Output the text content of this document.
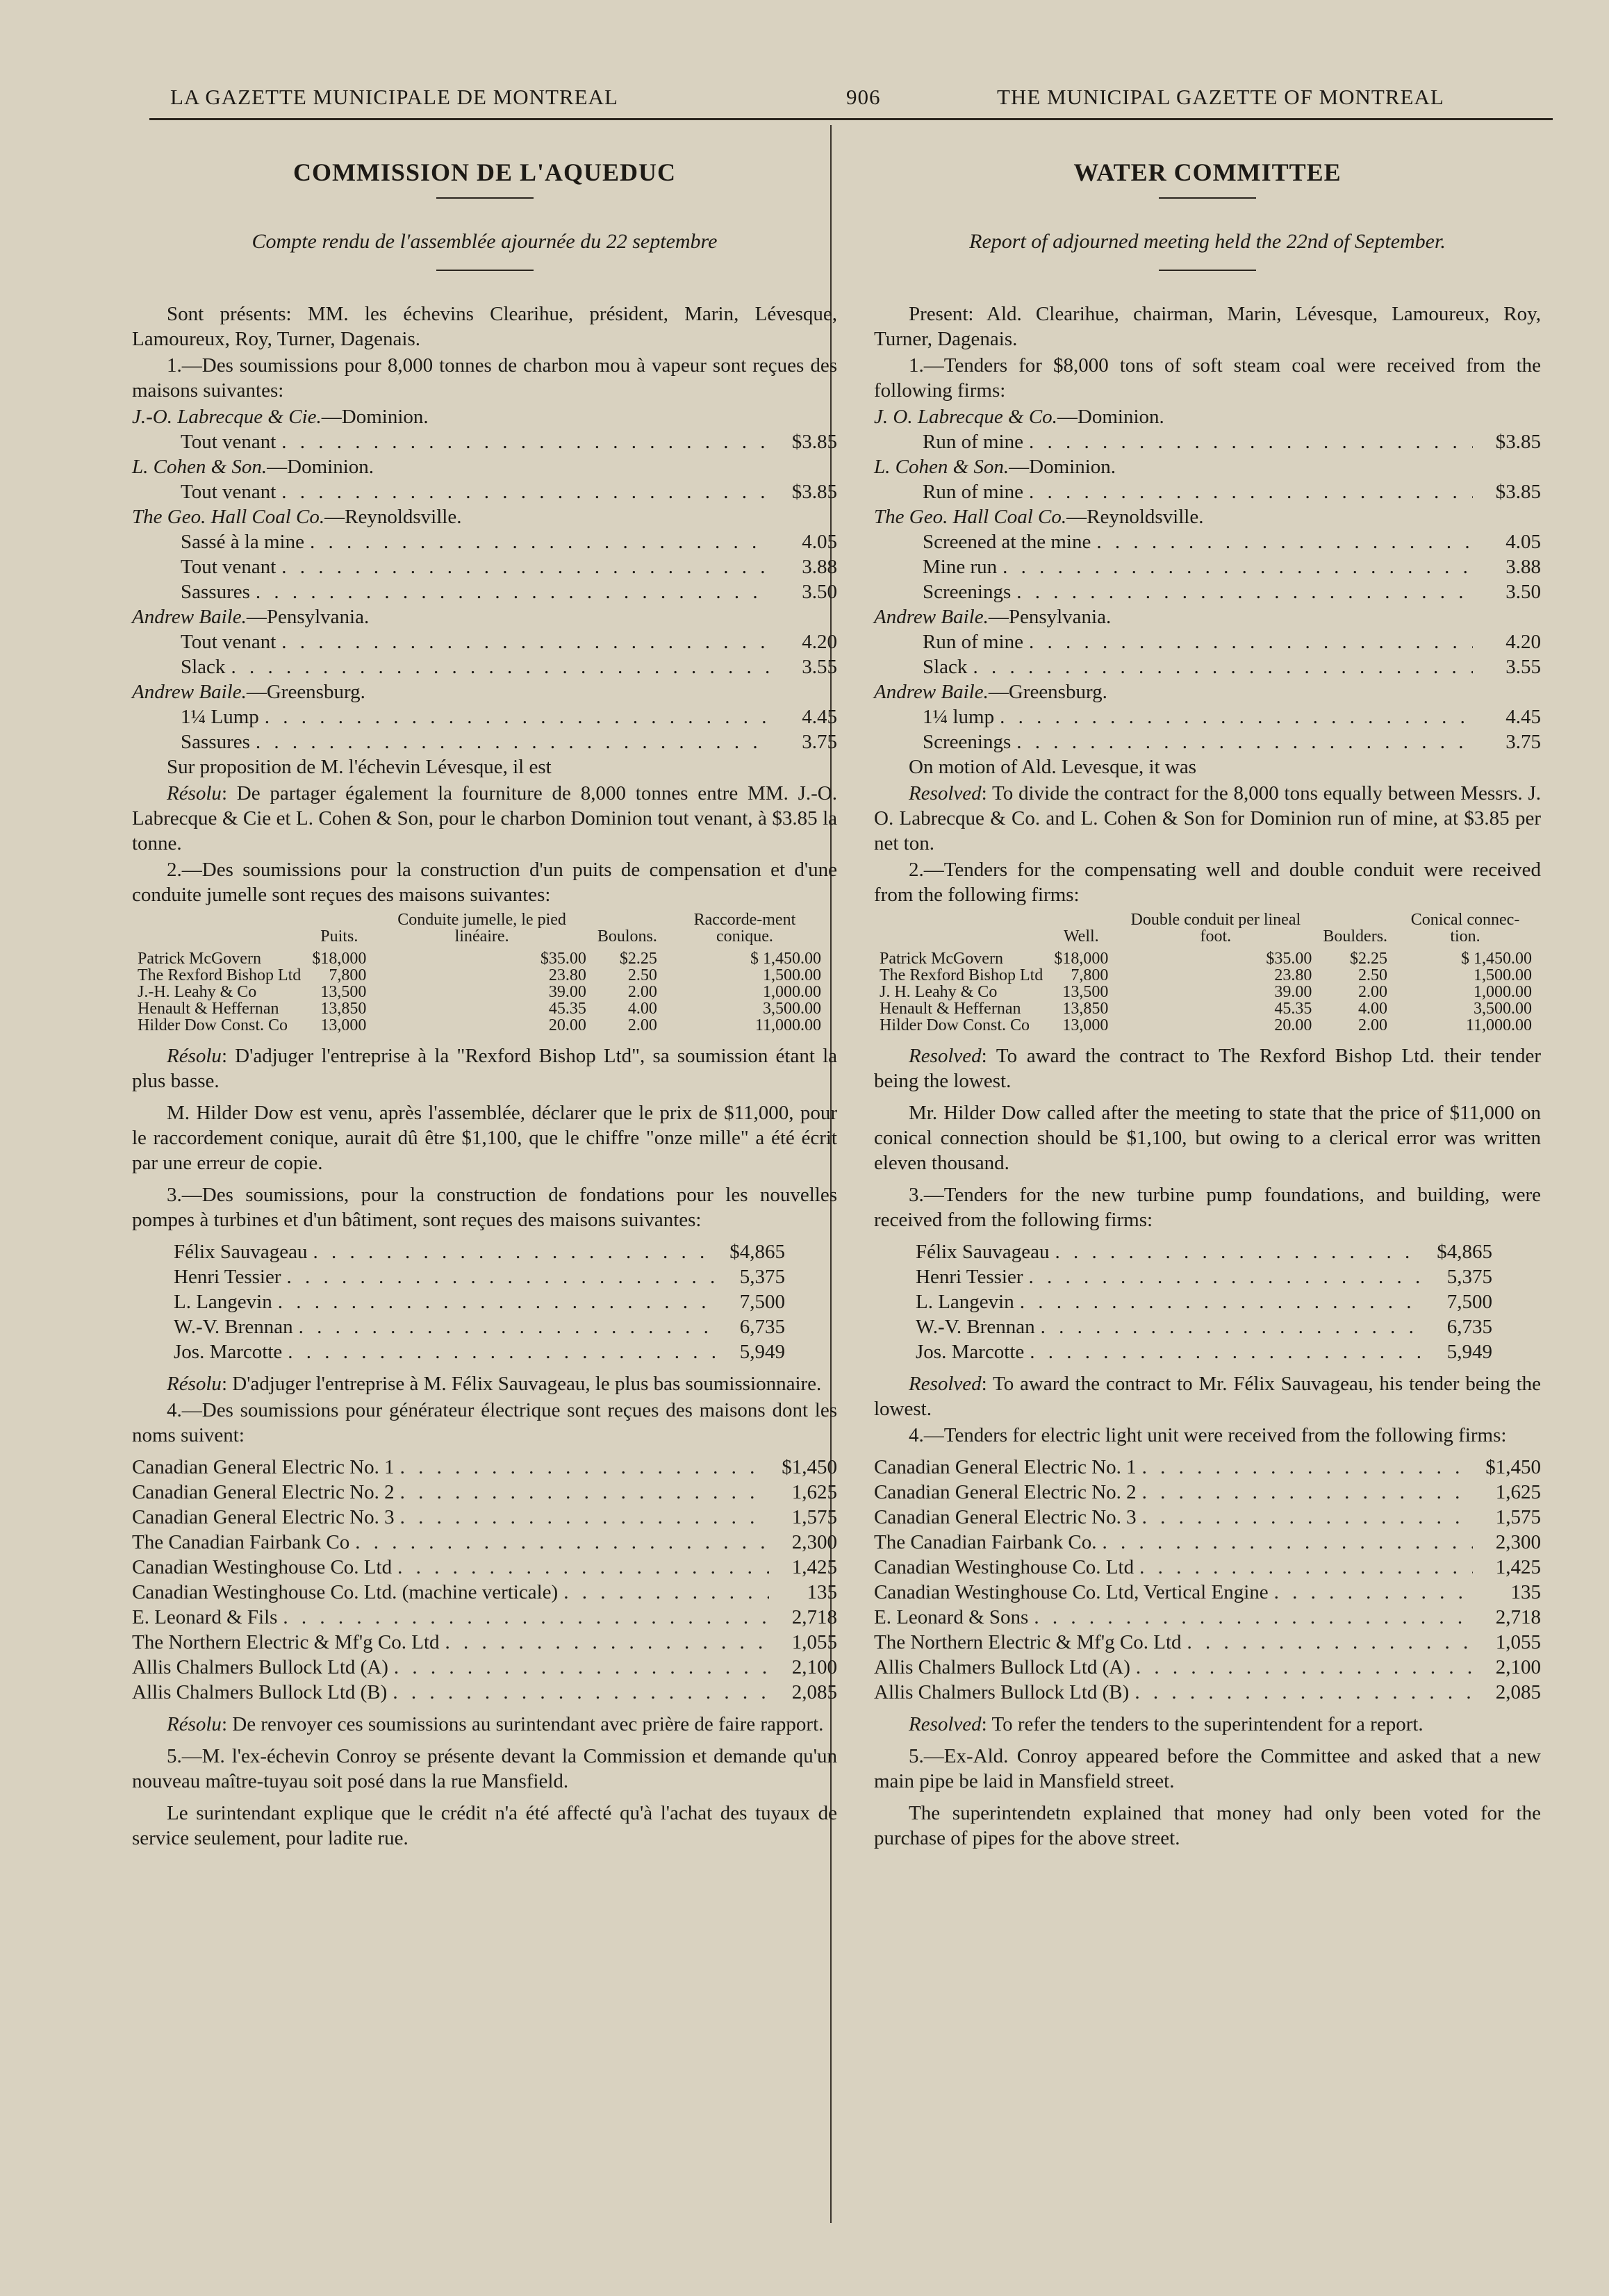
LA GAZETTE MUNICIPALE DE MONTREAL	906	THE MUNICIPAL GAZETTE OF MONTREAL
COMMISSION DE L'AQUEDUC
Compte rendu de l'assemblée ajournée du 22 septembre

Sont présents: MM. les échevins Clearihue, président, Marin, Lévesque, Lamoureux, Roy, Turner, Dagenais.

1.—Des soumissions pour 8,000 tonnes de charbon mou à vapeur sont reçues des maisons suivantes:

J.-O. Labrecque & Cie.—Dominion.
Tout venant . . .	$3.85
L. Cohen & Son.—Dominion.
Tout venant . . .	$3.85
The Geo. Hall Coal Co.—Reynoldsville.
Sassé à la mine . . .	4.05
Tout venant . . .	3.88
Sassures . . .	3.50
Andrew Baile.—Pensylvania.
Tout venant . . .	4.20
Slack . . .	3.55
Andrew Baile.—Greensburg.
1¼ Lump . . .	4.45
Sassures . . .	3.75

Sur proposition de M. l'échevin Lévesque, il est

Résolu: De partager également la fourniture de 8,000 tonnes entre MM. J.-O. Labrecque & Cie et L. Cohen & Son, pour le charbon Dominion tout venant, à $3.85 la tonne.

2.—Des soumissions pour la construction d'un puits de compensation et d'une conduite jumelle sont reçues des maisons suivantes:

	Puits.	Conduite jumelle, le pied linéaire.	Boulons.	Raccorde-ment conique.
Patrick McGovern	$18,000	$35.00	$2.25	$ 1,450.00
The Rexford Bishop Ltd	7,800	23.80	2.50	1,500.00
J.-H. Leahy & Co	13,500	39.00	2.00	1,000.00
Henault & Heffernan	13,850	45.35	4.00	3,500.00
Hilder Dow Const. Co	13,000	20.00	2.00	11,000.00

Résolu: D'adjuger l'entreprise à la "Rexford Bishop Ltd", sa soumission étant la plus basse.

M. Hilder Dow est venu, après l'assemblée, déclarer que le prix de $11,000, pour le raccordement conique, aurait dû être $1,100, que le chiffre "onze mille" a été écrit par une erreur de copie.

3.—Des soumissions, pour la construction de fondations pour les nouvelles pompes à turbines et d'un bâtiment, sont reçues des maisons suivantes:

Félix Sauvageau . . .	$4,865
Henri Tessier . . .	5,375
L. Langevin . . .	7,500
W.-V. Brennan . . .	6,735
Jos. Marcotte . . .	5,949

Résolu: D'adjuger l'entreprise à M. Félix Sauvageau, le plus bas soumissionnaire.

4.—Des soumissions pour générateur électrique sont reçues des maisons dont les noms suivent:

Canadian General Electric No. 1 . . .	$1,450
Canadian General Electric No. 2 . . .	1,625
Canadian General Electric No. 3 . . .	1,575
The Canadian Fairbank Co . . .	2,300
Canadian Westinghouse Co. Ltd . . .	1,425
Canadian Westinghouse Co. Ltd. (machine verticale) . . .	135
E. Leonard & Fils . . .	2,718
The Northern Electric & Mf'g Co. Ltd . . .	1,055
Allis Chalmers Bullock Ltd (A) . . .	2,100
Allis Chalmers Bullock Ltd (B) . . .	2,085

Résolu: De renvoyer ces soumissions au surintendant avec prière de faire rapport.

5.—M. l'ex-échevin Conroy se présente devant la Commission et demande qu'un nouveau maître-tuyau soit posé dans la rue Mansfield.

Le surintendant explique que le crédit n'a été affecté qu'à l'achat des tuyaux de service seulement, pour ladite rue.

WATER COMMITTEE
Report of adjourned meeting held the 22nd of September.

Present: Ald. Clearihue, chairman, Marin, Lévesque, Lamoureux, Roy, Turner, Dagenais.

1.—Tenders for $8,000 tons of soft steam coal were received from the following firms:

J. O. Labrecque & Co.—Dominion.
Run of mine . . .	$3.85
L. Cohen & Son.—Dominion.
Run of mine . . .	$3.85
The Geo. Hall Coal Co.—Reynoldsville.
Screened at the mine . . .	4.05
Mine run . . .	3.88
Screenings . . .	3.50
Andrew Baile.—Pensylvania.
Run of mine . . .	4.20
Slack . . .	3.55
Andrew Baile.—Greensburg.
1¼ lump . . .	4.45
Screenings . . .	3.75

On motion of Ald. Levesque, it was

Resolved: To divide the contract for the 8,000 tons equally between Messrs. J. O. Labrecque & Co. and L. Cohen & Son for Dominion run of mine, at $3.85 per net ton.

2.—Tenders for the compensating well and double conduit were received from the following firms:

	Well.	Double conduit per lineal foot.	Boulders.	Conical connec-tion.
Patrick McGovern	$18,000	$35.00	$2.25	$ 1,450.00
The Rexford Bishop Ltd	7,800	23.80	2.50	1,500.00
J. H. Leahy & Co	13,500	39.00	2.00	1,000.00
Henault & Heffernan	13,850	45.35	4.00	3,500.00
Hilder Dow Const. Co	13,000	20.00	2.00	11,000.00

Resolved: To award the contract to The Rexford Bishop Ltd. their tender being the lowest.

Mr. Hilder Dow called after the meeting to state that the price of $11,000 on conical connection should be $1,100, but owing to a clerical error was written eleven thousand.

3.—Tenders for the new turbine pump foundations, and building, were received from the following firms:

Félix Sauvageau . . .	$4,865
Henri Tessier . . .	5,375
L. Langevin . . .	7,500
W.-V. Brennan . . .	6,735
Jos. Marcotte . . .	5,949

Resolved: To award the contract to Mr. Félix Sauvageau, his tender being the lowest.

4.—Tenders for electric light unit were received from the following firms:

Canadian General Electric No. 1 . . .	$1,450
Canadian General Electric No. 2 . . .	1,625
Canadian General Electric No. 3 . . .	1,575
The Canadian Fairbank Co. . . .	2,300
Canadian Westinghouse Co. Ltd . . .	1,425
Canadian Westinghouse Co. Ltd, Vertical Engine . . .	135
E. Leonard & Sons . . .	2,718
The Northern Electric & Mf'g Co. Ltd . . .	1,055
Allis Chalmers Bullock Ltd (A) . . .	2,100
Allis Chalmers Bullock Ltd (B) . . .	2,085

Resolved: To refer the tenders to the superintendent for a report.

5.—Ex-Ald. Conroy appeared before the Committee and asked that a new main pipe be laid in Mansfield street.

The superintendetn explained that money had only been voted for the purchase of pipes for the above street.
